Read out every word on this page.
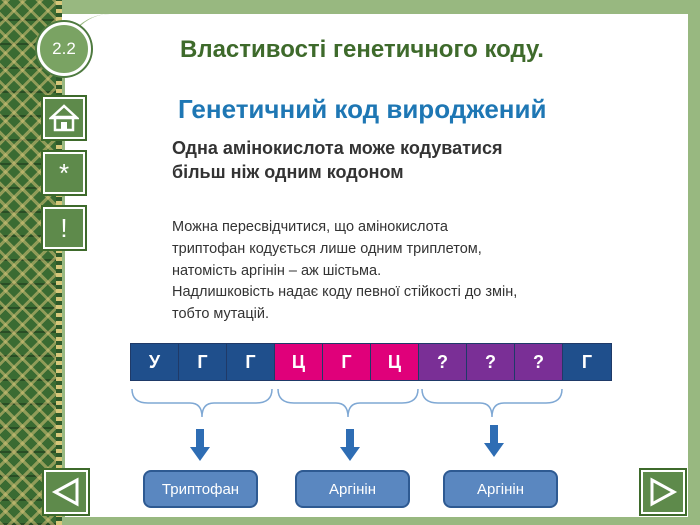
2.2	Властивості генетичного коду.
Генетичний код вироджений
Одна амінокислота може кодуватися
більш ніж одним кодоном
Можна пересвідчитися, що амінокислота
триптофан кодується лише одним триплетом,
натомість аргінін – аж шістьма.
Надлишковість надає коду певної стійкості до змін,
тобто мутацій.
*
!
У	Г	Г	Ц	Г	Ц	?	?	?	Г
Триптофан	Аргінін	Аргінін
